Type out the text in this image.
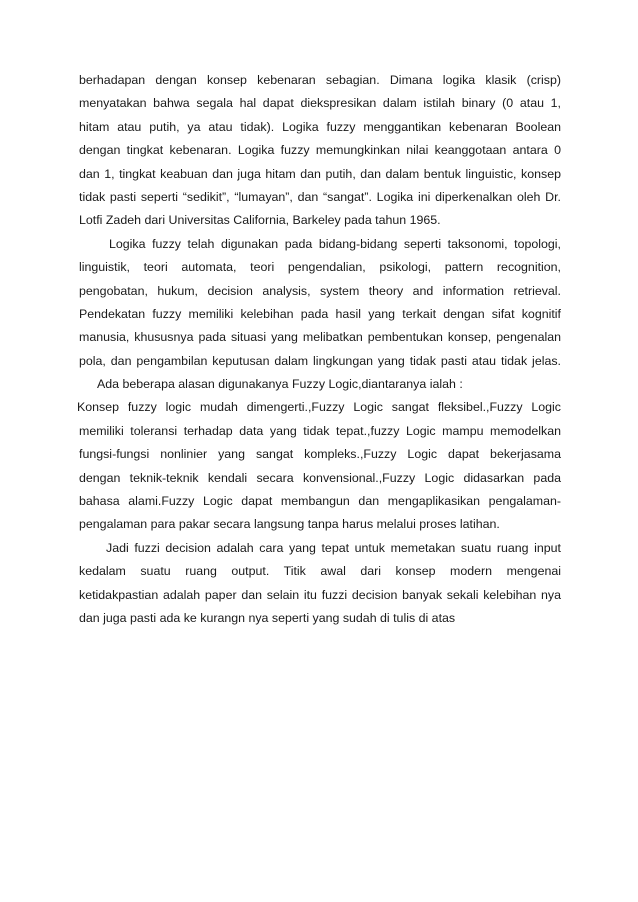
berhadapan dengan konsep kebenaran sebagian. Dimana logika klasik (crisp)
menyatakan bahwa segala hal dapat diekspresikan dalam istilah binary (0 atau 1,
hitam atau putih, ya atau tidak). Logika fuzzy menggantikan kebenaran Boolean
dengan tingkat kebenaran. Logika fuzzy memungkinkan nilai keanggotaan antara 0
dan 1, tingkat keabuan dan juga hitam dan putih, dan dalam bentuk linguistic, konsep
tidak pasti seperti “sedikit”, “lumayan”, dan “sangat”. Logika ini diperkenalkan oleh Dr.
Lotfi Zadeh dari Universitas California, Barkeley pada tahun 1965.
Logika fuzzy telah digunakan pada bidang-bidang seperti taksonomi, topologi,
linguistik, teori automata, teori pengendalian, psikologi, pattern recognition,
pengobatan, hukum, decision analysis, system theory and information retrieval.
Pendekatan fuzzy memiliki kelebihan pada hasil yang terkait dengan sifat kognitif
manusia, khususnya pada situasi yang melibatkan pembentukan konsep, pengenalan
pola, dan pengambilan keputusan dalam lingkungan yang tidak pasti atau tidak jelas.
Ada beberapa alasan digunakanya Fuzzy Logic,diantaranya ialah :
Konsep fuzzy logic mudah dimengerti.,Fuzzy Logic sangat fleksibel.,Fuzzy Logic
memiliki toleransi terhadap data yang tidak tepat.,fuzzy Logic mampu memodelkan
fungsi-fungsi nonlinier yang sangat kompleks.,Fuzzy Logic dapat bekerjasama
dengan teknik-teknik kendali secara konvensional.,Fuzzy Logic didasarkan pada
bahasa alami.Fuzzy Logic dapat membangun dan mengaplikasikan pengalaman-
pengalaman para pakar secara langsung tanpa harus melalui proses latihan.
Jadi fuzzi decision adalah cara yang tepat untuk memetakan suatu ruang input
kedalam suatu ruang output. Titik awal dari konsep modern mengenai
ketidakpastian adalah paper dan selain itu fuzzi decision banyak sekali kelebihan nya
dan juga pasti ada ke kurangn nya seperti yang sudah di tulis di atas
